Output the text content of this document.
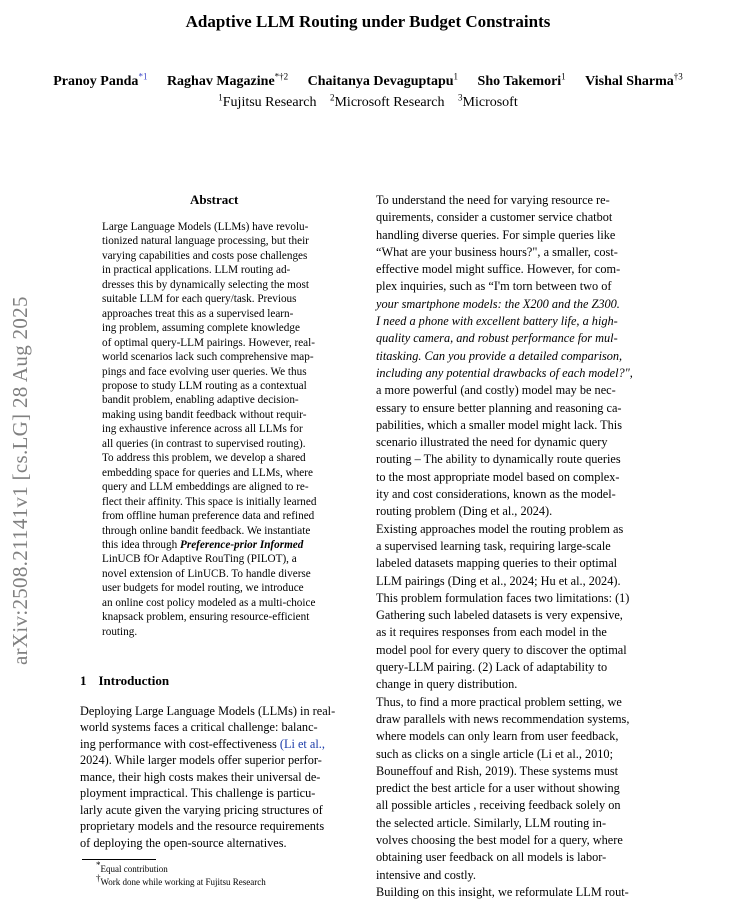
Adaptive LLM Routing under Budget Constraints
Pranoy Panda$^{*1}$ Raghav Magazine$^{*\dagger 2}$ Chaitanya Devaguptapu$^1$ Sho Takemori$^1$ Vishal Sharma$^{\dagger 3}$
$^1$Fujitsu Research $^2$Microsoft Research $^3$Microsoft
arXiv:2508.21141v1 [cs.LG] 28 Aug 2025
Abstract
Large Language Models (LLMs) have revolu-
tionized natural language processing, but their
varying capabilities and costs pose challenges
in practical applications. LLM routing ad-
dresses this by dynamically selecting the most
suitable LLM for each query/task. Previous
approaches treat this as a supervised learn-
ing problem, assuming complete knowledge
of optimal query-LLM pairings. However, real-
world scenarios lack such comprehensive map-
pings and face evolving user queries. We thus
propose to study LLM routing as a contextual
bandit problem, enabling adaptive decision-
making using bandit feedback without requir-
ing exhaustive inference across all LLMs for
all queries (in contrast to supervised routing).
To address this problem, we develop a shared
embedding space for queries and LLMs, where
query and LLM embeddings are aligned to re-
flect their affinity. This space is initially learned
from offline human preference data and refined
through online bandit feedback. We instantiate
this idea through Preference-prior Informed
LinUCB fOr Adaptive RouTing (PILOT), a
novel extension of LinUCB. To handle diverse
user budgets for model routing, we introduce
an online cost policy modeled as a multi-choice
knapsack problem, ensuring resource-efficient
routing.
1 Introduction
Deploying Large Language Models (LLMs) in real-
world systems faces a critical challenge: balanc-
ing performance with cost-effectiveness (Li et al.,
2024). While larger models offer superior perfor-
mance, their high costs makes their universal de-
ployment impractical. This challenge is particu-
larly acute given the varying pricing structures of
proprietary models and the resource requirements
of deploying the open-source alternatives.
*Equal contribution
†Work done while working at Fujitsu Research
To understand the need for varying resource re-
quirements, consider a customer service chatbot
handling diverse queries. For simple queries like
“What are your business hours?", a smaller, cost-
effective model might suffice. However, for com-
plex inquiries, such as “I'm torn between two of
your smartphone models: the X200 and the Z300.
I need a phone with excellent battery life, a high-
quality camera, and robust performance for mul-
titasking. Can you provide a detailed comparison,
including any potential drawbacks of each model?",
a more powerful (and costly) model may be nec-
essary to ensure better planning and reasoning ca-
pabilities, which a smaller model might lack. This
scenario illustrated the need for dynamic query
routing – The ability to dynamically route queries
to the most appropriate model based on complex-
ity and cost considerations, known as the model-
routing problem (Ding et al., 2024).
Existing approaches model the routing problem as
a supervised learning task, requiring large-scale
labeled datasets mapping queries to their optimal
LLM pairings (Ding et al., 2024; Hu et al., 2024).
This problem formulation faces two limitations: (1)
Gathering such labeled datasets is very expensive,
as it requires responses from each model in the
model pool for every query to discover the optimal
query-LLM pairing. (2) Lack of adaptability to
change in query distribution.
Thus, to find a more practical problem setting, we
draw parallels with news recommendation systems,
where models can only learn from user feedback,
such as clicks on a single article (Li et al., 2010;
Bouneffouf and Rish, 2019). These systems must
predict the best article for a user without showing
all possible articles , receiving feedback solely on
the selected article. Similarly, LLM routing in-
volves choosing the best model for a query, where
obtaining user feedback on all models is labor-
intensive and costly.
Building on this insight, we reformulate LLM rout-
